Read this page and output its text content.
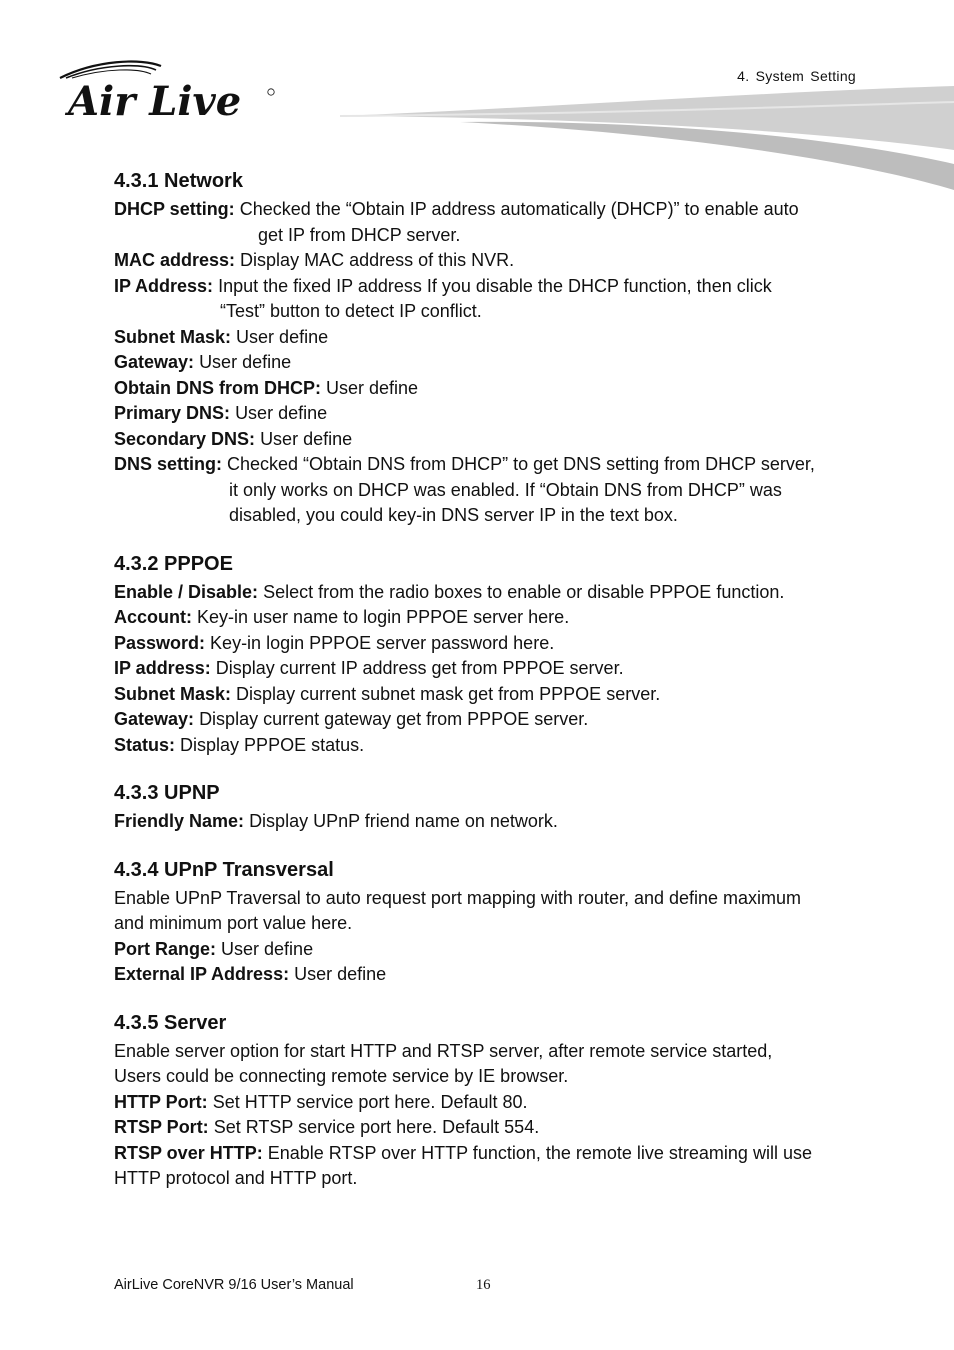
Air Live
4. System Setting
4.3.1 Network

DHCP setting: Checked the “Obtain IP address automatically (DHCP)” to enable auto

get IP from DHCP server.

MAC address: Display MAC address of this NVR.

IP Address: Input the fixed IP address If you disable the DHCP function, then click

“Test” button to detect IP conflict.

Subnet Mask: User define

Gateway: User define

Obtain DNS from DHCP: User define

Primary DNS: User define

Secondary DNS: User define

DNS setting: Checked “Obtain DNS from DHCP” to get DNS setting from DHCP server,

it only works on DHCP was enabled. If “Obtain DNS from DHCP” was

disabled, you could key-in DNS server IP in the text box.

4.3.2 PPPOE

Enable / Disable: Select from the radio boxes to enable or disable PPPOE function.

Account: Key-in user name to login PPPOE server here.

Password: Key-in login PPPOE server password here.

IP address: Display current IP address get from PPPOE server.

Subnet Mask: Display current subnet mask get from PPPOE server.

Gateway: Display current gateway get from PPPOE server.

Status: Display PPPOE status.

4.3.3 UPNP

Friendly Name: Display UPnP friend name on network.

4.3.4 UPnP Transversal

Enable UPnP Traversal to auto request port mapping with router, and define maximum

and minimum port value here.

Port Range: User define

External IP Address: User define

4.3.5 Server

Enable server option for start HTTP and RTSP server, after remote service started,

Users could be connecting remote service by IE browser.

HTTP Port: Set HTTP service port here. Default 80.

RTSP Port: Set RTSP service port here. Default 554.

RTSP over HTTP: Enable RTSP over HTTP function, the remote live streaming will use

HTTP protocol and HTTP port.

AirLive CoreNVR 9/16 User’s Manual	16
